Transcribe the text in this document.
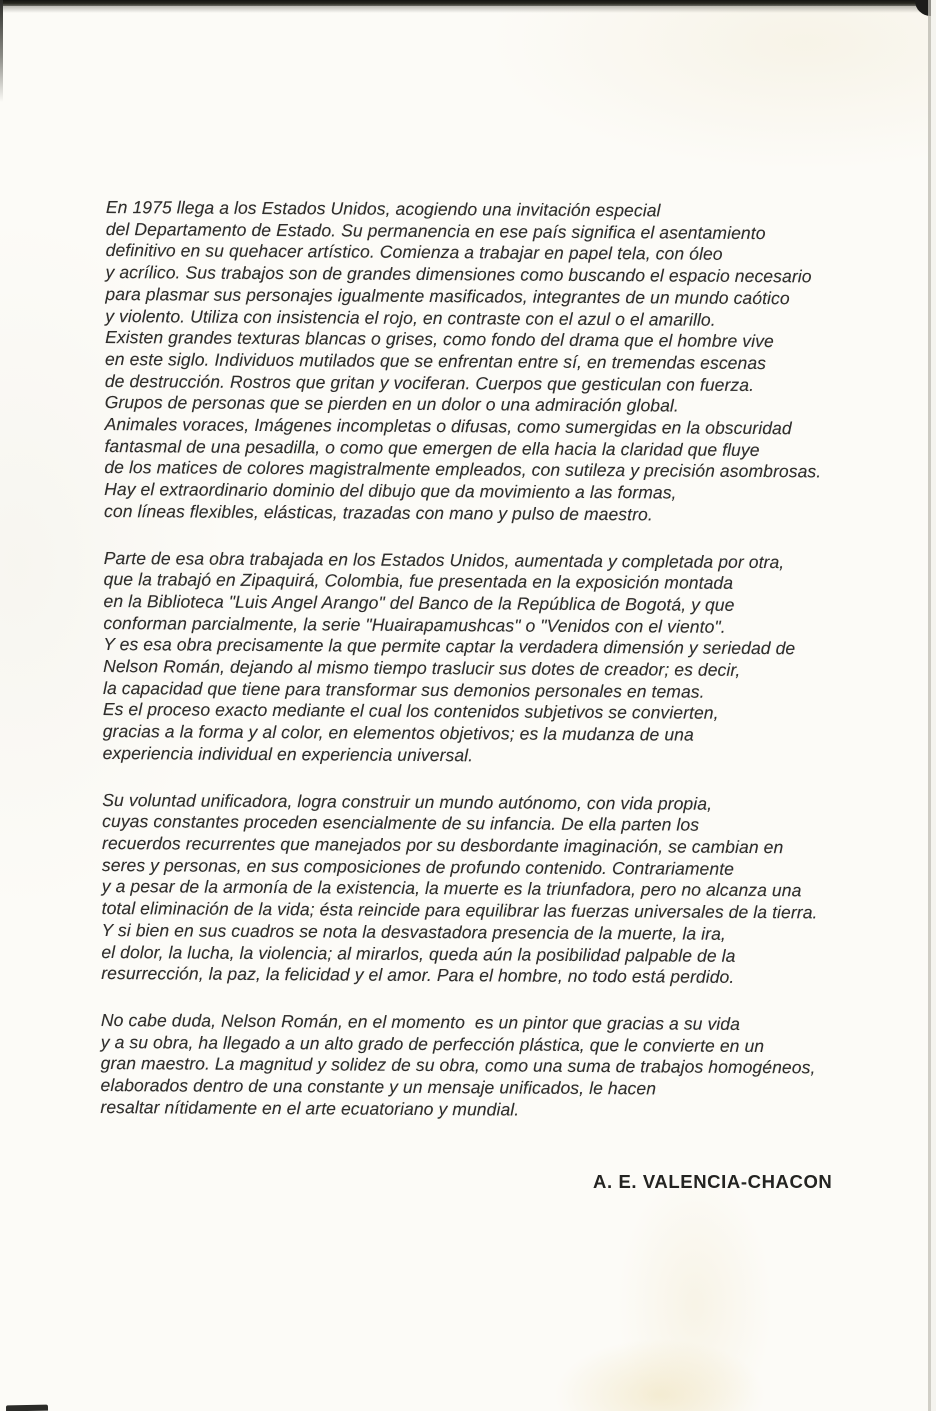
En 1975 llega a los Estados Unidos, acogiendo una invitación especial
del Departamento de Estado. Su permanencia en ese país significa el asentamiento
definitivo en su quehacer artístico. Comienza a trabajar en papel tela, con óleo
y acrílico. Sus trabajos son de grandes dimensiones como buscando el espacio necesario
para plasmar sus personajes igualmente masificados, integrantes de un mundo caótico
y violento. Utiliza con insistencia el rojo, en contraste con el azul o el amarillo.
Existen grandes texturas blancas o grises, como fondo del drama que el hombre vive
en este siglo. Individuos mutilados que se enfrentan entre sí, en tremendas escenas
de destrucción. Rostros que gritan y vociferan. Cuerpos que gesticulan con fuerza.
Grupos de personas que se pierden en un dolor o una admiración global.
Animales voraces, Imágenes incompletas o difusas, como sumergidas en la obscuridad
fantasmal de una pesadilla, o como que emergen de ella hacia la claridad que fluye
de los matices de colores magistralmente empleados, con sutileza y precisión asombrosas.
Hay el extraordinario dominio del dibujo que da movimiento a las formas,
con líneas flexibles, elásticas, trazadas con mano y pulso de maestro.
Parte de esa obra trabajada en los Estados Unidos, aumentada y completada por otra,
que la trabajó en Zipaquirá, Colombia, fue presentada en la exposición montada
en la Biblioteca "Luis Angel Arango" del Banco de la República de Bogotá, y que
conforman parcialmente, la serie "Huairapamushcas" o "Venidos con el viento".
Y es esa obra precisamente la que permite captar la verdadera dimensión y seriedad de
Nelson Román, dejando al mismo tiempo traslucir sus dotes de creador; es decir,
la capacidad que tiene para transformar sus demonios personales en temas.
Es el proceso exacto mediante el cual los contenidos subjetivos se convierten,
gracias a la forma y al color, en elementos objetivos; es la mudanza de una
experiencia individual en experiencia universal.
Su voluntad unificadora, logra construir un mundo autónomo, con vida propia,
cuyas constantes proceden esencialmente de su infancia. De ella parten los
recuerdos recurrentes que manejados por su desbordante imaginación, se cambian en
seres y personas, en sus composiciones de profundo contenido. Contrariamente
y a pesar de la armonía de la existencia, la muerte es la triunfadora, pero no alcanza una
total eliminación de la vida; ésta reincide para equilibrar las fuerzas universales de la tierra.
Y si bien en sus cuadros se nota la desvastadora presencia de la muerte, la ira,
el dolor, la lucha, la violencia; al mirarlos, queda aún la posibilidad palpable de la
resurrección, la paz, la felicidad y el amor. Para el hombre, no todo está perdido.
No cabe duda, Nelson Román, en el momento  es un pintor que gracias a su vida
y a su obra, ha llegado a un alto grado de perfección plástica, que le convierte en un
gran maestro. La magnitud y solidez de su obra, como una suma de trabajos homogéneos,
elaborados dentro de una constante y un mensaje unificados, le hacen
resaltar nítidamente en el arte ecuatoriano y mundial.
A. E. VALENCIA-CHACON
